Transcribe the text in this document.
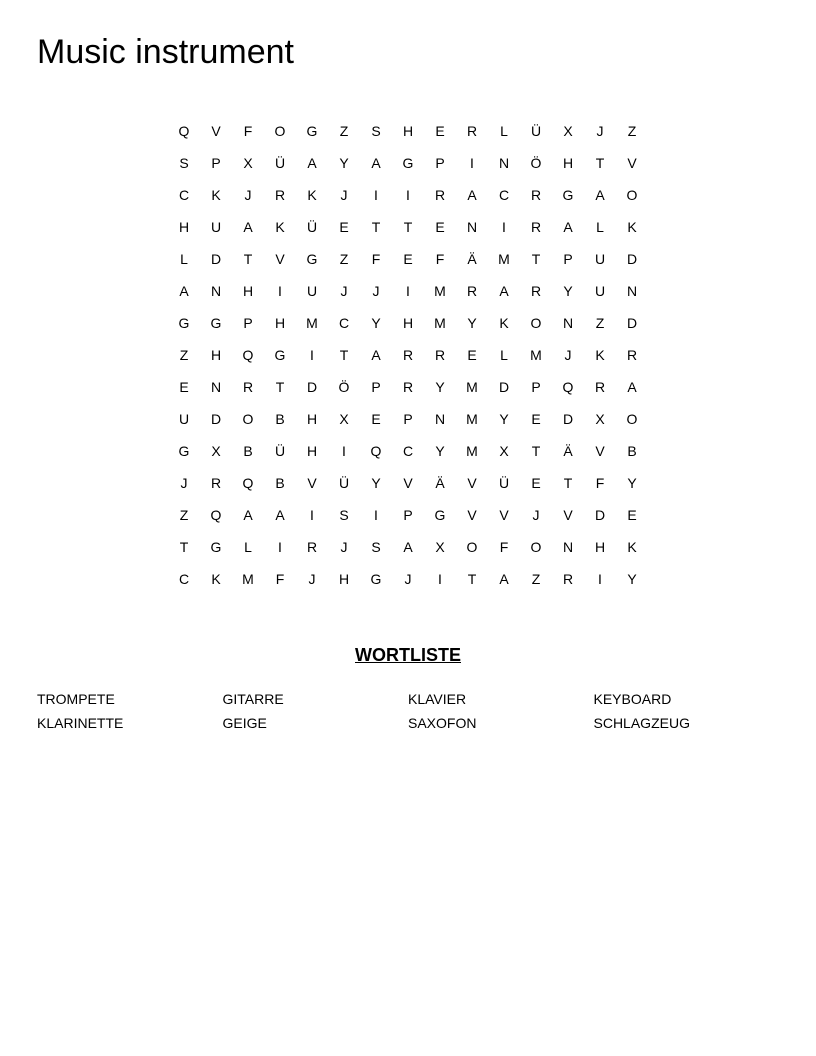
Music instrument
Q	V	F	O	G	Z	S	H	E	R	L	Ü	X	J	Z
S	P	X	Ü	A	Y	A	G	P	I	N	Ö	H	T	V
C	K	J	R	K	J	I	I	R	A	C	R	G	A	O
H	U	A	K	Ü	E	T	T	E	N	I	R	A	L	K
L	D	T	V	G	Z	F	E	F	Ä	M	T	P	U	D
A	N	H	I	U	J	J	I	M	R	A	R	Y	U	N
G	G	P	H	M	C	Y	H	M	Y	K	O	N	Z	D
Z	H	Q	G	I	T	A	R	R	E	L	M	J	K	R
E	N	R	T	D	Ö	P	R	Y	M	D	P	Q	R	A
U	D	O	B	H	X	E	P	N	M	Y	E	D	X	O
G	X	B	Ü	H	I	Q	C	Y	M	X	T	Ä	V	B
J	R	Q	B	V	Ü	Y	V	Ä	V	Ü	E	T	F	Y
Z	Q	A	A	I	S	I	P	G	V	V	J	V	D	E
T	G	L	I	R	J	S	A	X	O	F	O	N	H	K
C	K	M	F	J	H	G	J	I	T	A	Z	R	I	Y
WORTLISTE
TROMPETE	GITARRE	KLAVIER	KEYBOARD
KLARINETTE	GEIGE	SAXOFON	SCHLAGZEUG
